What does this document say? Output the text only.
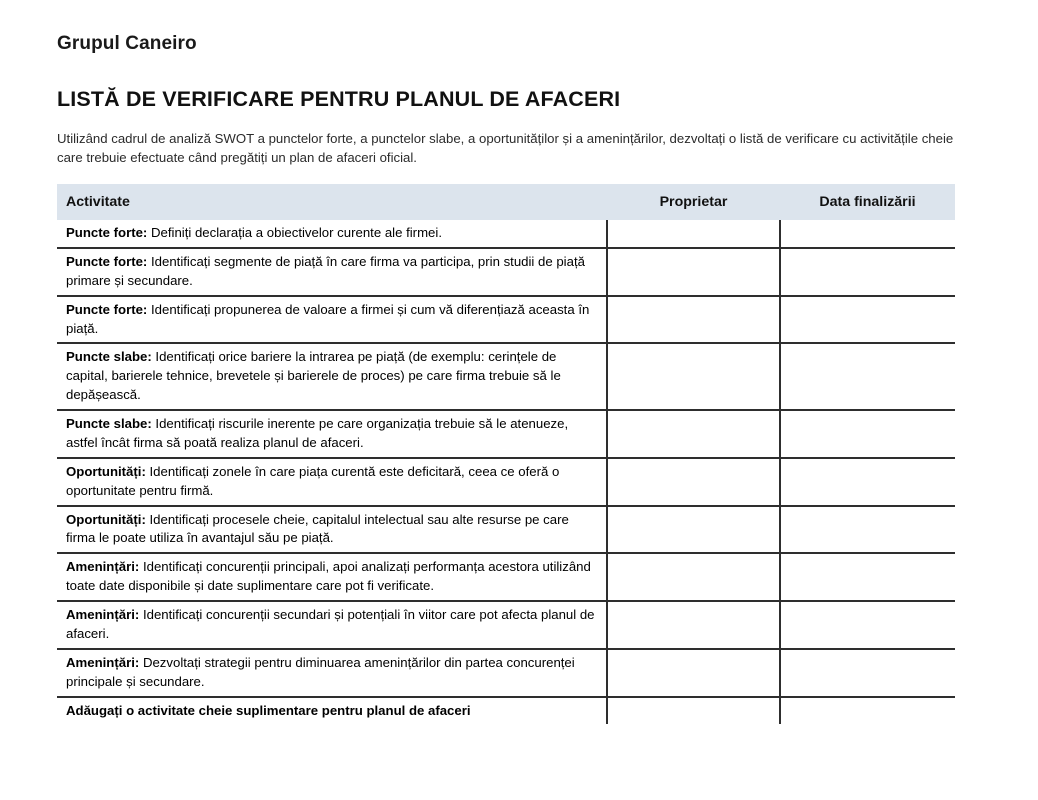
Grupul Caneiro
LISTĂ DE VERIFICARE PENTRU PLANUL DE AFACERI

Utilizând cadrul de analiză SWOT a punctelor forte, a punctelor slabe, a oportunităților și a amenințărilor, dezvoltați o listă de verificare cu activitățile cheie care trebuie efectuate când pregătiți un plan de afaceri oficial.

Activitate	Proprietar	Data finalizării
Puncte forte: Definiți declarația a obiectivelor curente ale firmei.		
Puncte forte: Identificați segmente de piață în care firma va participa, prin studii de piață primare și secundare.		
Puncte forte: Identificați propunerea de valoare a firmei și cum vă diferențiază aceasta în piață.		
Puncte slabe: Identificați orice bariere la intrarea pe piață (de exemplu: cerințele de capital, barierele tehnice, brevetele și barierele de proces) pe care firma trebuie să le depășească.		
Puncte slabe: Identificați riscurile inerente pe care organizația trebuie să le atenueze, astfel încât firma să poată realiza planul de afaceri.		
Oportunități: Identificați zonele în care piața curentă este deficitară, ceea ce oferă o oportunitate pentru firmă.		
Oportunități: Identificați procesele cheie, capitalul intelectual sau alte resurse pe care firma le poate utiliza în avantajul său pe piață.		
Amenințări: Identificați concurenții principali, apoi analizați performanța acestora utilizând toate date disponibile și date suplimentare care pot fi verificate.		
Amenințări: Identificați concurenții secundari și potențiali în viitor care pot afecta planul de afaceri.		
Amenințări: Dezvoltați strategii pentru diminuarea amenințărilor din partea concurenței principale și secundare.		
Adăugați o activitate cheie suplimentare pentru planul de afaceri		
